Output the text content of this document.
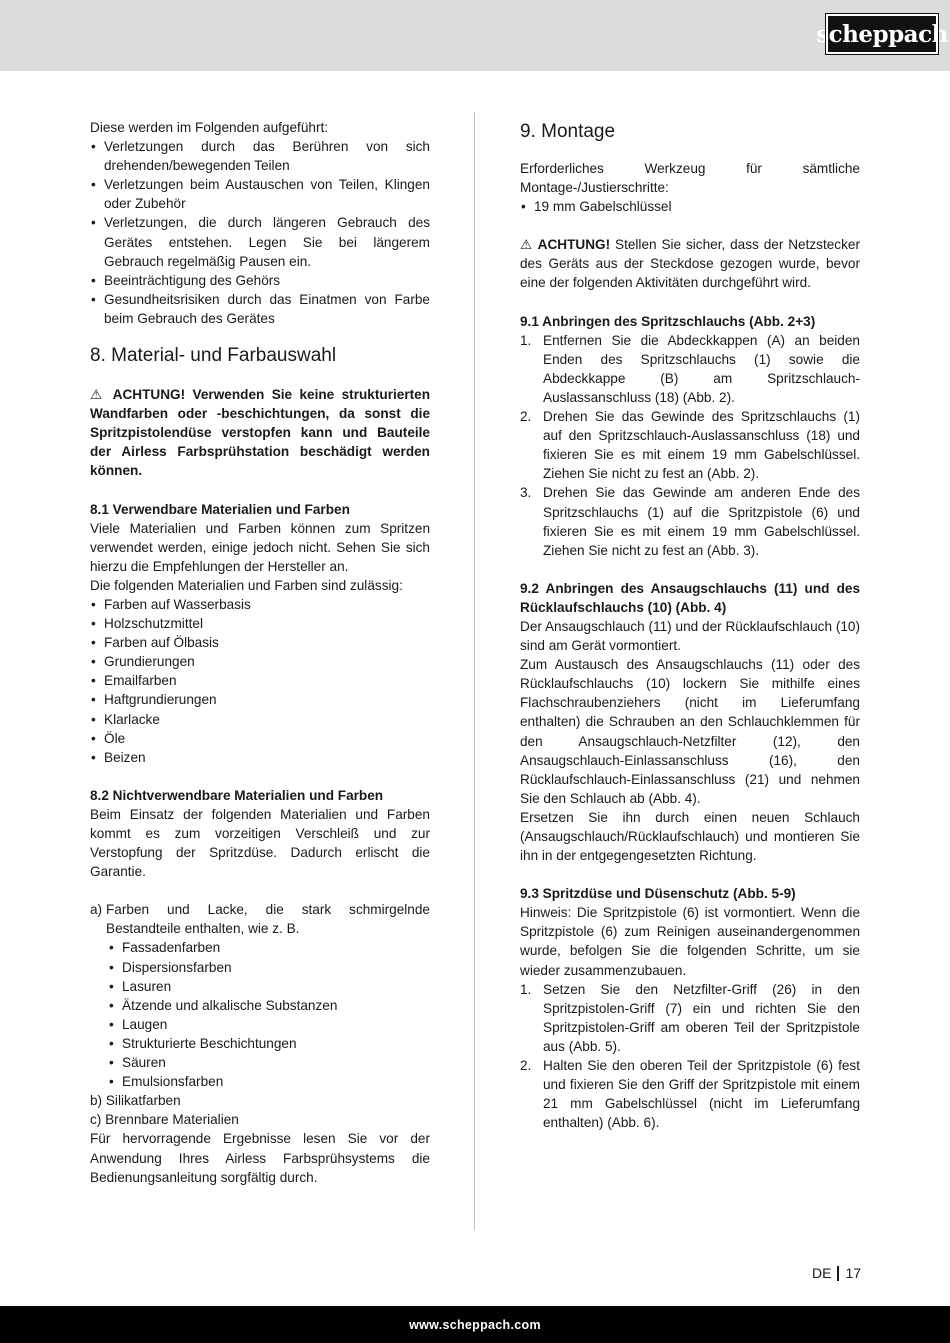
scheppach

Diese werden im Folgenden aufgeführt:

• Verletzungen durch das Berühren von sich drehenden/bewegenden Teilen
• Verletzungen beim Austauschen von Teilen, Klingen oder Zubehör
• Verletzungen, die durch längeren Gebrauch des Gerätes entstehen. Legen Sie bei längerem Gebrauch regelmäßig Pausen ein.
• Beeinträchtigung des Gehörs
• Gesundheitsrisiken durch das Einatmen von Farbe beim Gebrauch des Gerätes
8. Material- und Farbauswahl

⚠ ACHTUNG! Verwenden Sie keine strukturierten Wandfarben oder -beschichtungen, da sonst die Spritzpistolendüse verstopfen kann und Bauteile der Airless Farbsprühstation beschädigt werden können.

8.1 Verwendbare Materialien und Farben

Viele Materialien und Farben können zum Spritzen verwendet werden, einige jedoch nicht. Sehen Sie sich hierzu die Empfehlungen der Hersteller an.

Die folgenden Materialien und Farben sind zulässig:

• Farben auf Wasserbasis
• Holzschutzmittel
• Farben auf Ölbasis
• Grundierungen
• Emailfarben
• Haftgrundierungen
• Klarlacke
• Öle
• Beizen

8.2 Nichtverwendbare Materialien und Farben

Beim Einsatz der folgenden Materialien und Farben kommt es zum vorzeitigen Verschleiß und zur Verstopfung der Spritzdüse. Dadurch erlischt die Garantie.

a) Farben und Lacke, die stark schmirgelnde Bestandteile enthalten, wie z. B.
• Fassadenfarben
• Dispersionsfarben
• Lasuren
• Ätzende und alkalische Substanzen
• Laugen
• Strukturierte Beschichtungen
• Säuren
• Emulsionsfarben

b) Silikatfarben

c) Brennbare Materialien

Für hervorragende Ergebnisse lesen Sie vor der Anwendung Ihres Airless Farbsprühsystems die Bedienungsanleitung sorgfältig durch.

9. Montage

Erforderliches Werkzeug für sämtliche Montage-/Justierschritte:

• 19 mm Gabelschlüssel

⚠ ACHTUNG! Stellen Sie sicher, dass der Netzstecker des Geräts aus der Steckdose gezogen wurde, bevor eine der folgenden Aktivitäten durchgeführt wird.

9.1 Anbringen des Spritzschlauchs (Abb. 2+3)

1. Entfernen Sie die Abdeckkappen (A) an beiden Enden des Spritzschlauchs (1) sowie die Abdeckkappe (B) am Spritzschlauch-Auslassanschluss (18) (Abb. 2).
2. Drehen Sie das Gewinde des Spritzschlauchs (1) auf den Spritzschlauch-Auslassanschluss (18) und fixieren Sie es mit einem 19 mm Gabelschlüssel. Ziehen Sie nicht zu fest an (Abb. 2).
3. Drehen Sie das Gewinde am anderen Ende des Spritzschlauchs (1) auf die Spritzpistole (6) und fixieren Sie es mit einem 19 mm Gabelschlüssel. Ziehen Sie nicht zu fest an (Abb. 3).

9.2 Anbringen des Ansaugschlauchs (11) und des Rücklaufschlauchs (10) (Abb. 4)

Der Ansaugschlauch (11) und der Rücklaufschlauch (10) sind am Gerät vormontiert.

Zum Austausch des Ansaugschlauchs (11) oder des Rücklaufschlauchs (10) lockern Sie mithilfe eines Flachschraubenziehers (nicht im Lieferumfang enthalten) die Schrauben an den Schlauchklemmen für den Ansaugschlauch-Netzfilter (12), den Ansaugschlauch-Einlassanschluss (16), den Rücklaufschlauch-Einlassanschluss (21) und nehmen Sie den Schlauch ab (Abb. 4).

Ersetzen Sie ihn durch einen neuen Schlauch (Ansaugschlauch/Rücklaufschlauch) und montieren Sie ihn in der entgegengesetzten Richtung.

9.3 Spritzdüse und Düsenschutz (Abb. 5-9)

Hinweis: Die Spritzpistole (6) ist vormontiert. Wenn die Spritzpistole (6) zum Reinigen auseinandergenommen wurde, befolgen Sie die folgenden Schritte, um sie wieder zusammenzubauen.

1. Setzen Sie den Netzfilter-Griff (26) in den Spritzpistolen-Griff (7) ein und richten Sie den Spritzpistolen-Griff am oberen Teil der Spritzpistole aus (Abb. 5).
2. Halten Sie den oberen Teil der Spritzpistole (6) fest und fixieren Sie den Griff der Spritzpistole mit einem 21 mm Gabelschlüssel (nicht im Lieferumfang enthalten) (Abb. 6).
DE 17
www.scheppach.com
